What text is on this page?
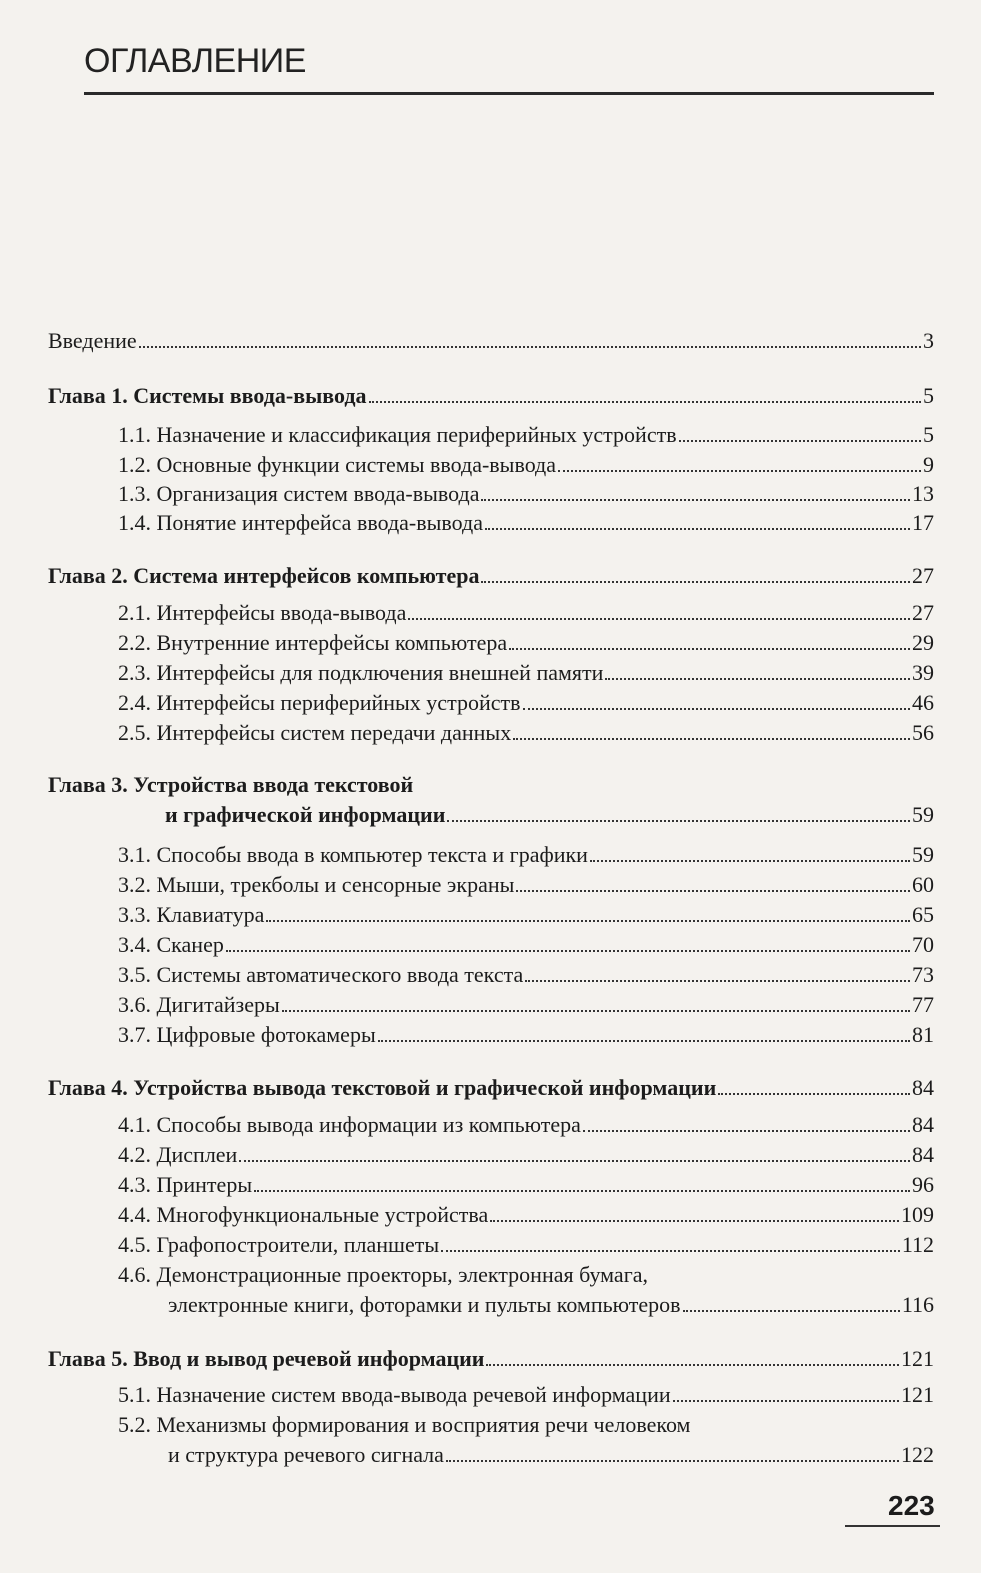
ОГЛАВЛЕНИЕ
Введение	3
Глава 1. Системы ввода-вывода	5
1.1. Назначение и классификация периферийных устройств	5
1.2. Основные функции системы ввода-вывода	9
1.3. Организация систем ввода-вывода	13
1.4. Понятие интерфейса ввода-вывода	17
Глава 2. Система интерфейсов компьютера	27
2.1. Интерфейсы ввода-вывода	27
2.2. Внутренние интерфейсы компьютера	29
2.3. Интерфейсы для подключения внешней памяти	39
2.4. Интерфейсы периферийных устройств	46
2.5. Интерфейсы систем передачи данных	56
Глава 3. Устройства ввода текстовой
и графической информации	59
3.1. Способы ввода в компьютер текста и графики	59
3.2. Мыши, трекболы и сенсорные экраны	60
3.3. Клавиатура	65
3.4. Сканер	70
3.5. Системы автоматического ввода текста	73
3.6. Дигитайзеры	77
3.7. Цифровые фотокамеры	81
Глава 4. Устройства вывода текстовой и графической информации	84
4.1. Способы вывода информации из компьютера	84
4.2. Дисплеи	84
4.3. Принтеры	96
4.4. Многофункциональные устройства	109
4.5. Графопостроители, планшеты	112
4.6. Демонстрационные проекторы, электронная бумага,
электронные книги, фоторамки и пульты компьютеров	116
Глава 5. Ввод и вывод речевой информации	121
5.1. Назначение систем ввода-вывода речевой информации	121
5.2. Механизмы формирования и восприятия речи человеком
и структура речевого сигнала	122
223
